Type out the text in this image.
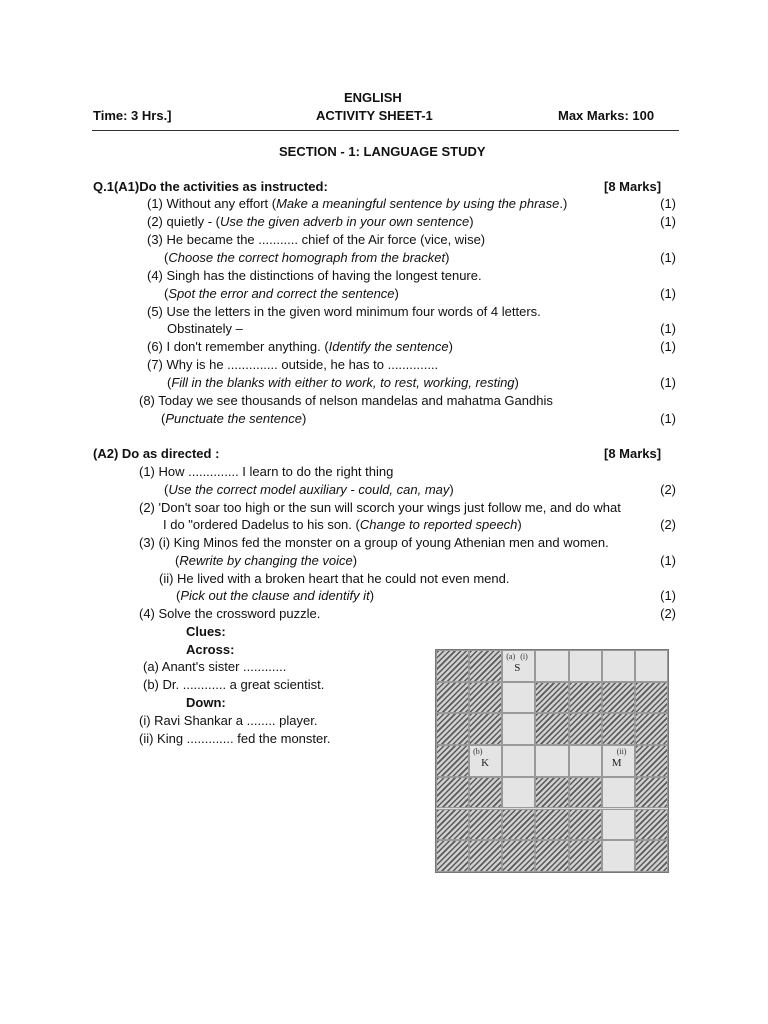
ENGLISH
Time: 3 Hrs.]	ACTIVITY SHEET-1	Max Marks: 100
SECTION - 1: LANGUAGE STUDY
Q.1(A1)Do the activities as instructed:	[8 Marks]
(1) Without any effort (Make a meaningful sentence by using the phrase.)	(1)
(2) quietly - (Use the given adverb in your own sentence)	(1)
(3) He became the ........... chief of the Air force (vice, wise)
(Choose the correct homograph from the bracket)	(1)
(4) Singh has the distinctions of having the longest tenure.
(Spot the error and correct the sentence)	(1)
(5) Use the letters in the given word minimum four words of 4 letters.
Obstinately –	(1)
(6) I don't remember anything. (Identify the sentence)	(1)
(7) Why is he .............. outside, he has to ..............
(Fill in the blanks with either to work, to rest, working, resting)	(1)
(8) Today we see thousands of nelson mandelas and mahatma Gandhis
(Punctuate the sentence)	(1)
(A2) Do as directed :	[8 Marks]
(1) How .............. I learn to do the right thing
(Use the correct model auxiliary - could, can, may)	(2)
(2) 'Don't soar too high or the sun will scorch your wings just follow me, and do what
I do "ordered Dadelus to his son. (Change to reported speech)	(2)
(3) (i) King Minos fed the monster on a group of young Athenian men and women.
(Rewrite by changing the voice)	(1)
(ii) He lived with a broken heart that he could not even mend.
(Pick out the clause and identify it)	(1)
(4) Solve the crossword puzzle.	(2)
Clues:
Across:
(a) Anant's sister ............
(b) Dr. ............ a great scientist.
Down:
(i) Ravi Shankar a ........ player.
(ii) King ............. fed the monster.
(a) (i)
S
(b)
K
(ii)
M
